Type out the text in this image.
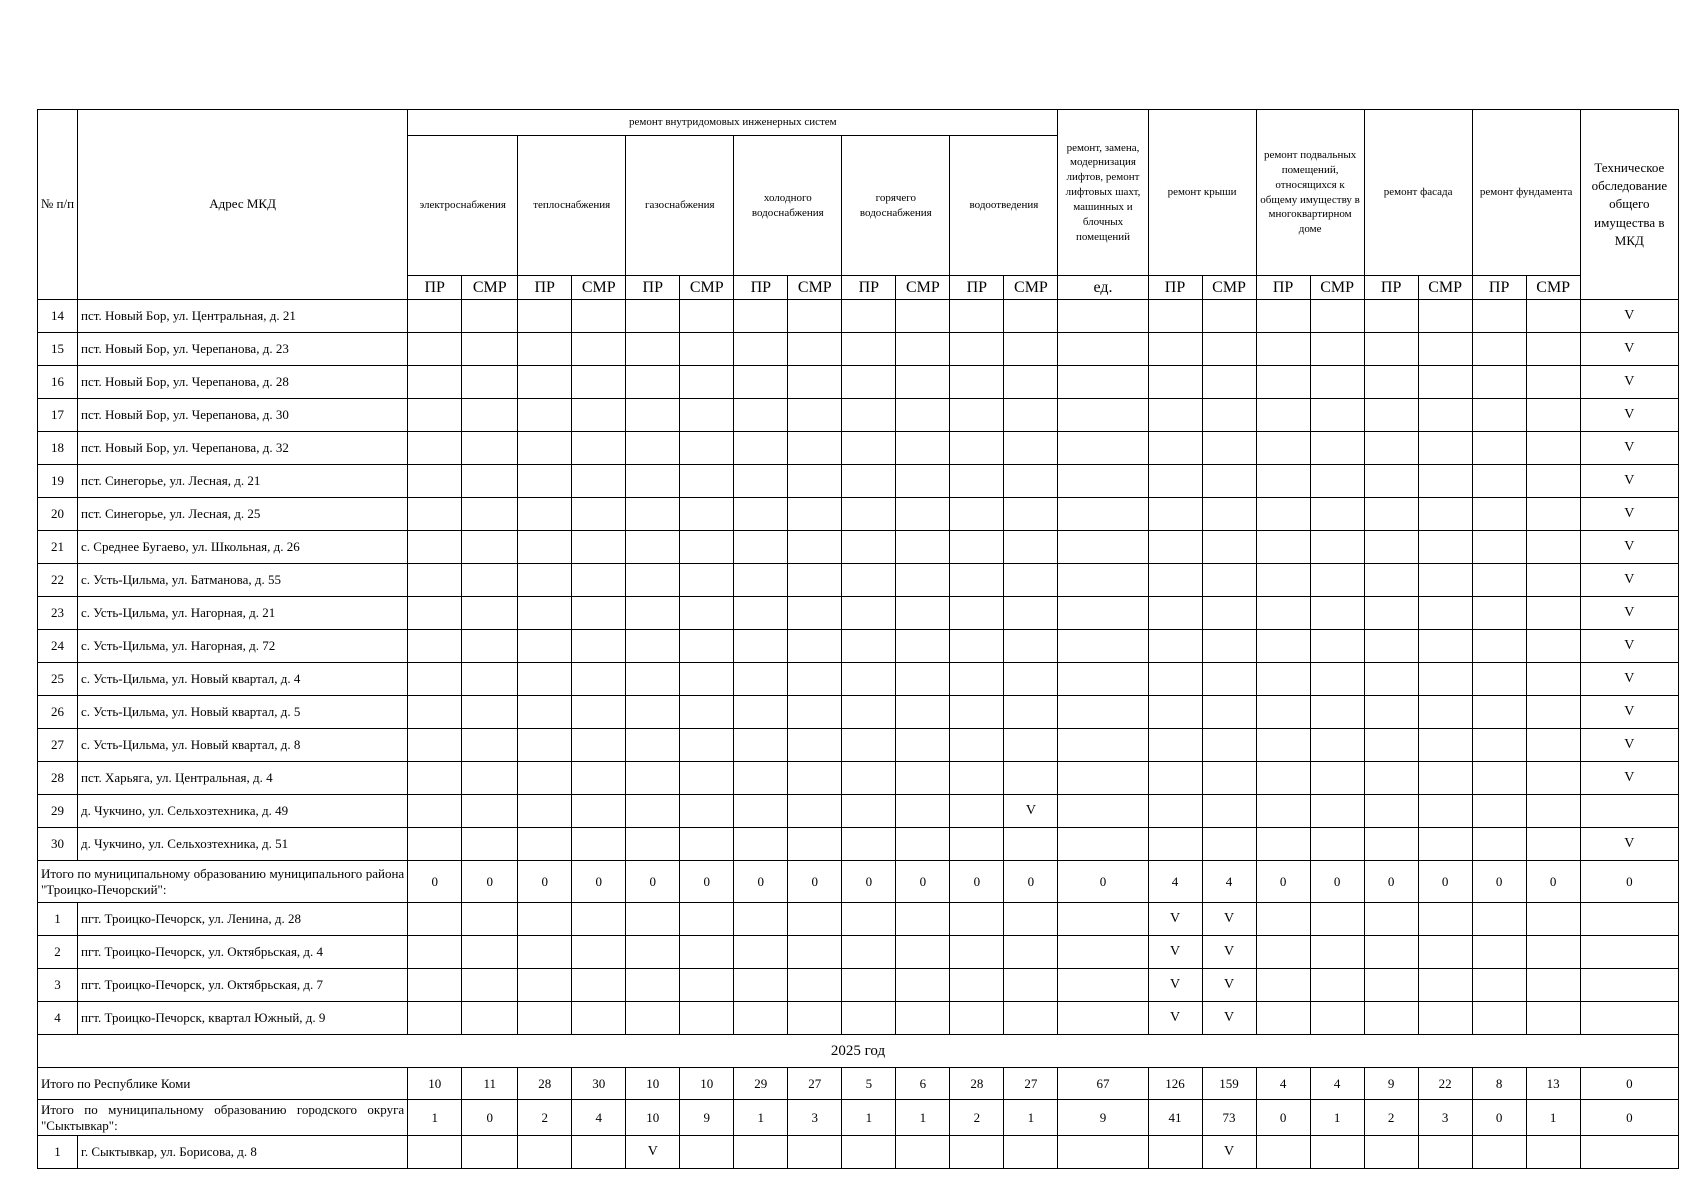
№ п/п	Адрес МКД	ремонт внутридомовых инженерных систем												ремонт, замена, модернизация лифтов, ремонт лифтовых шахт, машинных и блочных помещений	ремонт крыши		ремонт подвальных помещений, относящихся к общему имуществу в многоквартирном доме		ремонт фасада		ремонт фундамента		Техническое обследование общего имущества в МКД
		электроснабжения		теплоснабжения		газоснабжения		холодного водоснабжения		горячего водоснабжения		водоотведения											
		ПР	СМР	ПР	СМР	ПР	СМР	ПР	СМР	ПР	СМР	ПР	СМР	ед.	ПР	СМР	ПР	СМР	ПР	СМР	ПР	СМР	
14	пст. Новый Бор, ул. Центральная, д. 21																						V
15	пст. Новый Бор, ул. Черепанова, д. 23																						V
16	пст. Новый Бор, ул. Черепанова, д. 28																						V
17	пст. Новый Бор, ул. Черепанова, д. 30																						V
18	пст. Новый Бор, ул. Черепанова, д. 32																						V
19	пст. Синегорье, ул. Лесная, д. 21																						V
20	пст. Синегорье, ул. Лесная, д. 25																						V
21	с. Среднее Бугаево, ул. Школьная, д. 26																						V
22	с. Усть-Цильма, ул. Батманова, д. 55																						V
23	с. Усть-Цильма, ул. Нагорная, д. 21																						V
24	с. Усть-Цильма, ул. Нагорная, д. 72																						V
25	с. Усть-Цильма, ул. Новый квартал, д. 4																						V
26	с. Усть-Цильма, ул. Новый квартал, д. 5																						V
27	с. Усть-Цильма, ул. Новый квартал, д. 8																						V
28	пст. Харьяга, ул. Центральная, д. 4																						V
29	д. Чукчино, ул. Сельхозтехника, д. 49												V										
30	д. Чукчино, ул. Сельхозтехника, д. 51																						V
Итого по муниципальному образованию муниципального района "Троицко-Печорский":		0	0	0	0	0	0	0	0	0	0	0	0	0	4	4	0	0	0	0	0	0	0
1	пгт. Троицко-Печорск, ул. Ленина, д. 28														V	V							
2	пгт. Троицко-Печорск, ул. Октябрьская, д. 4														V	V							
3	пгт. Троицко-Печорск, ул. Октябрьская, д. 7														V	V							
4	пгт. Троицко-Печорск, квартал Южный, д. 9														V	V							
2025 год																							
Итого по Республике Коми		10	11	28	30	10	10	29	27	5	6	28	27	67	126	159	4	4	9	22	8	13	0
Итого по муниципальному образованию городского округа "Сыктывкар":		1	0	2	4	10	9	1	3	1	1	2	1	9	41	73	0	1	2	3	0	1	0
1	г. Сыктывкар, ул. Борисова, д. 8					V										V							
